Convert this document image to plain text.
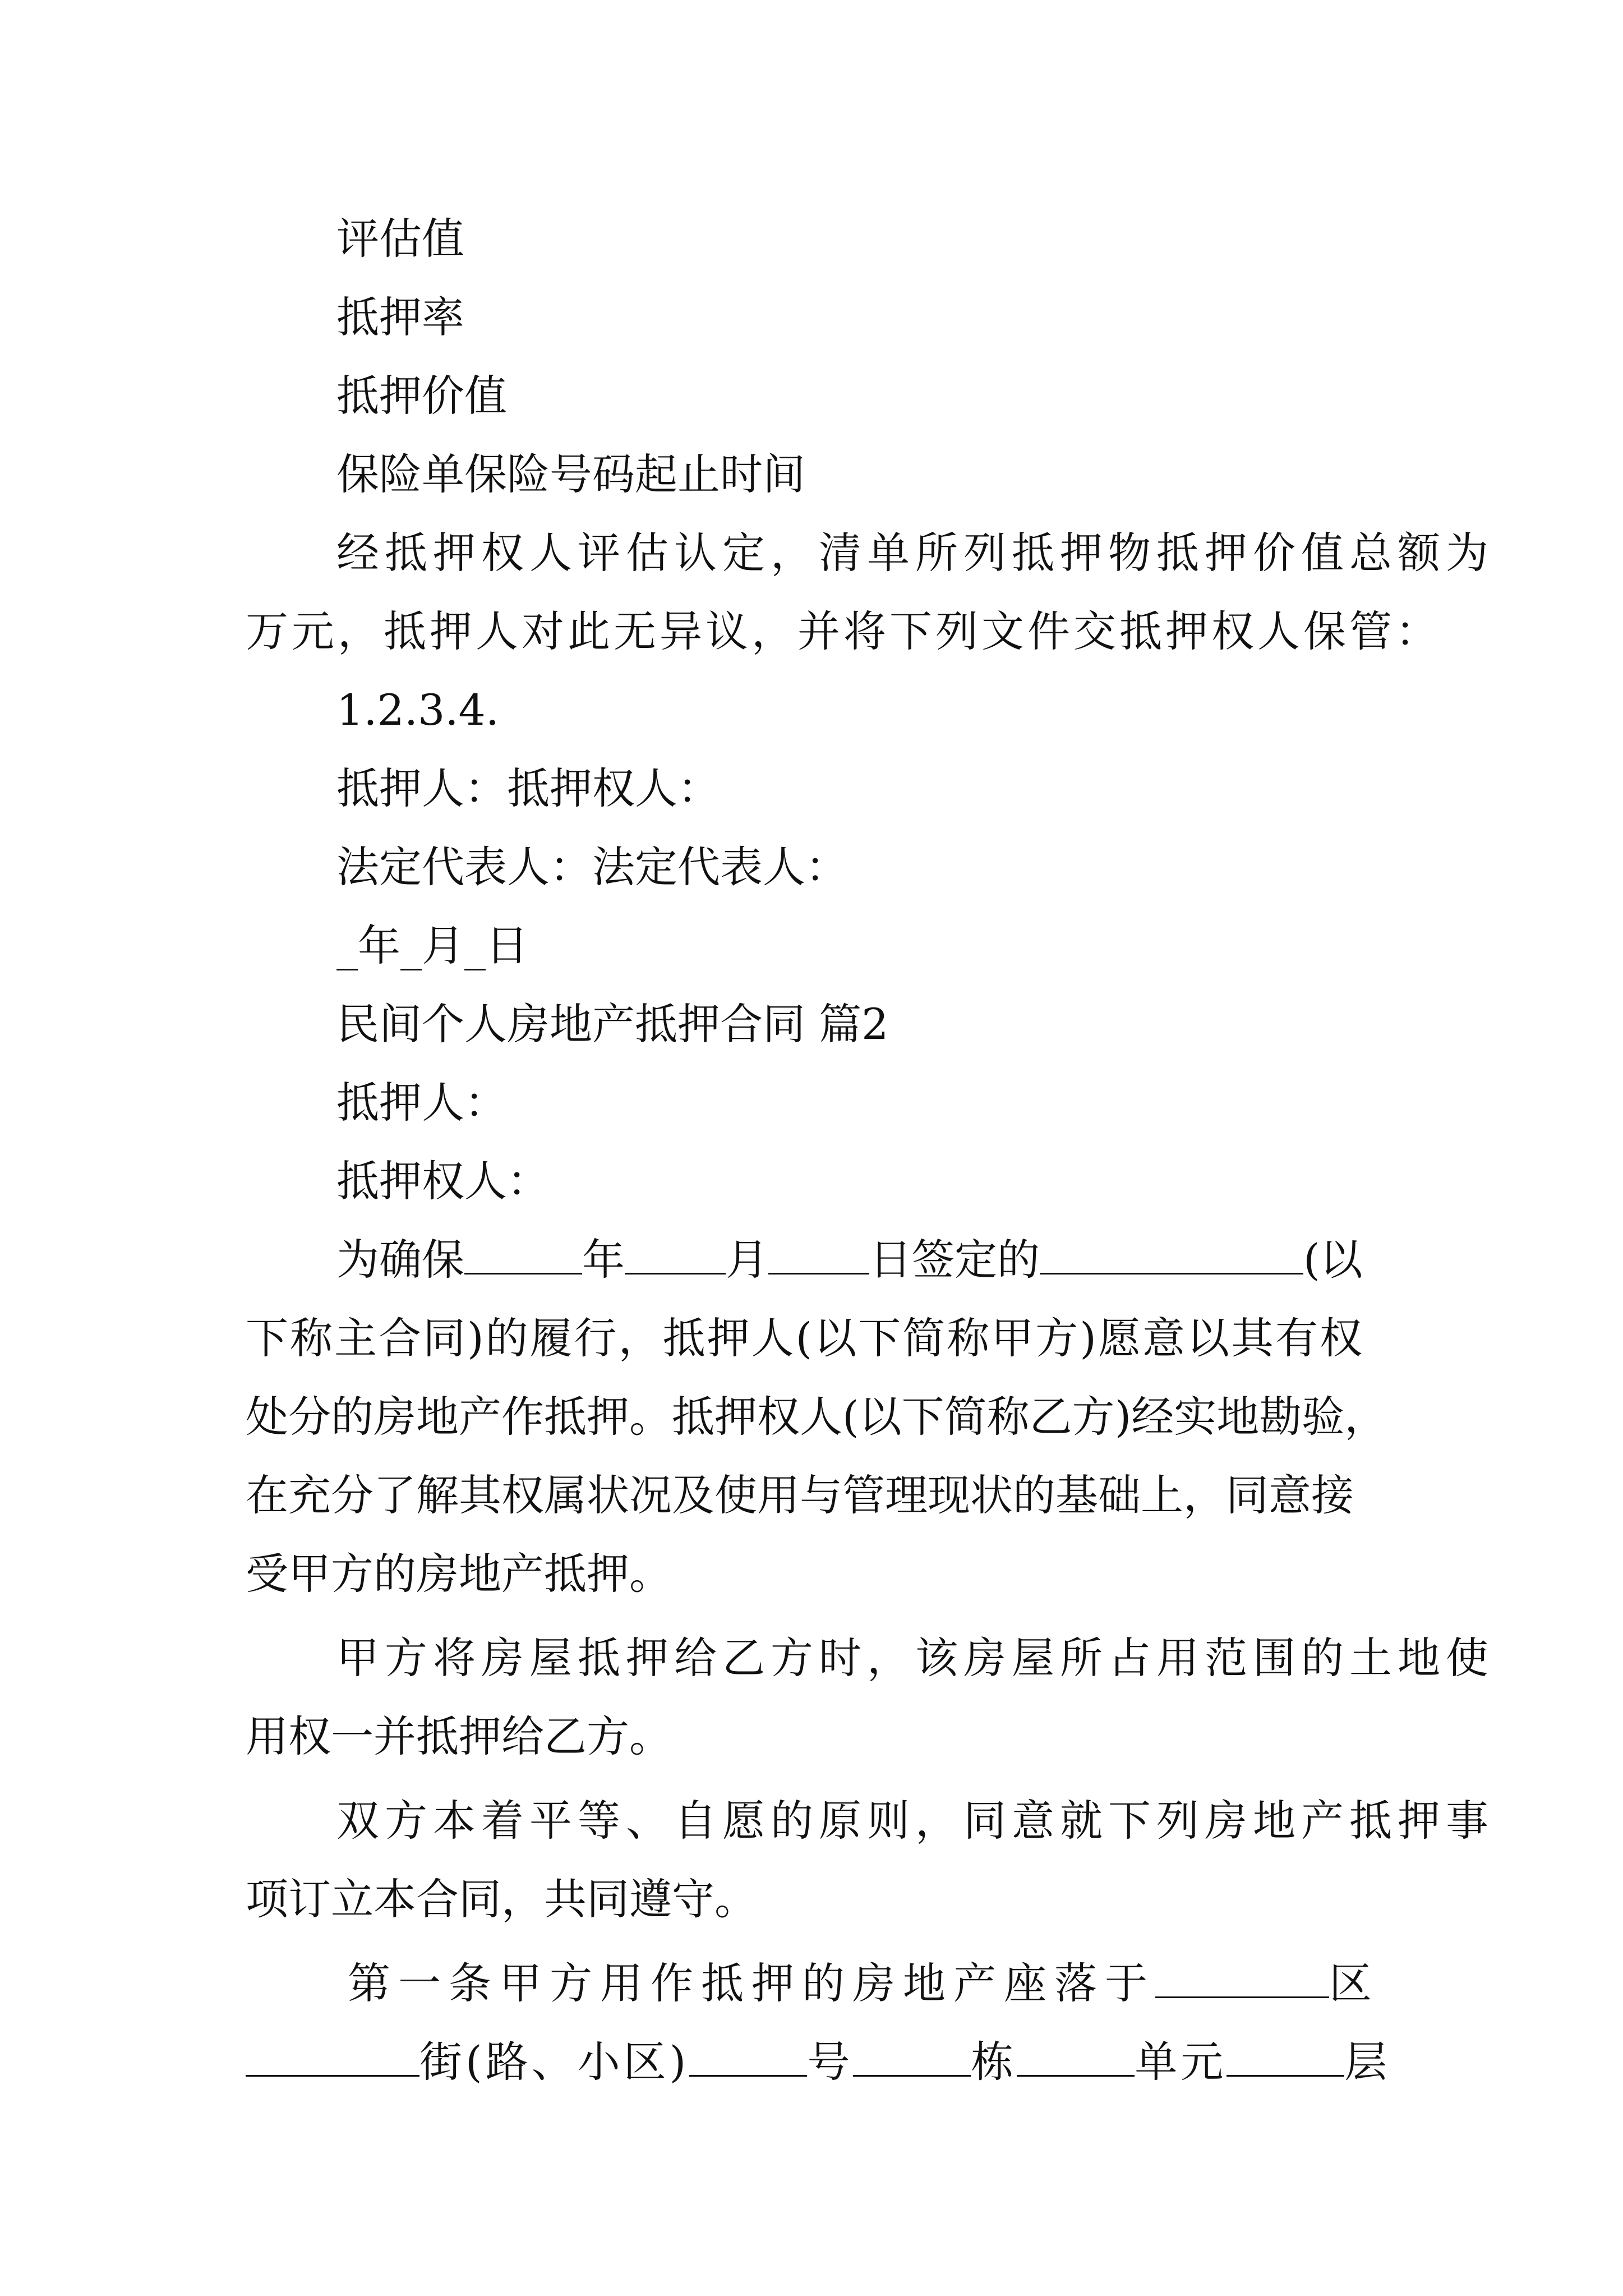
评估值
抵押率
抵押价值
保险单保险号码起止时间
经抵押权人评估认定，清单所列抵押物抵押价值总额为
万元，抵押人对此无异议，并将下列文件交抵押权人保管：
1.2.3.4.
抵押人：抵押权人：
法定代表人：法定代表人：
_年_月_日
民间个人房地产抵押合同 篇2
抵押人：
抵押权人：
为确保	年 月 日签定的	(以
下称主合同)的履行，抵押人(以下简称甲方)愿意以其有权
处分的房地产作抵押。抵押权人(以下简称乙方)经实地勘验，
在充分了解其权属状况及使用与管理现状的基础上，同意接
受甲方的房地产抵押。
甲方将房屋抵押给乙方时，该房屋所占用范围的土地使
用权一并抵押给乙方。
双方本着平等、自愿的原则，同意就下列房地产抵押事
项订立本合同，共同遵守。
第一条甲方用作抵押的房地产座落于	区
街(路、小区)	号	栋	单元	层
